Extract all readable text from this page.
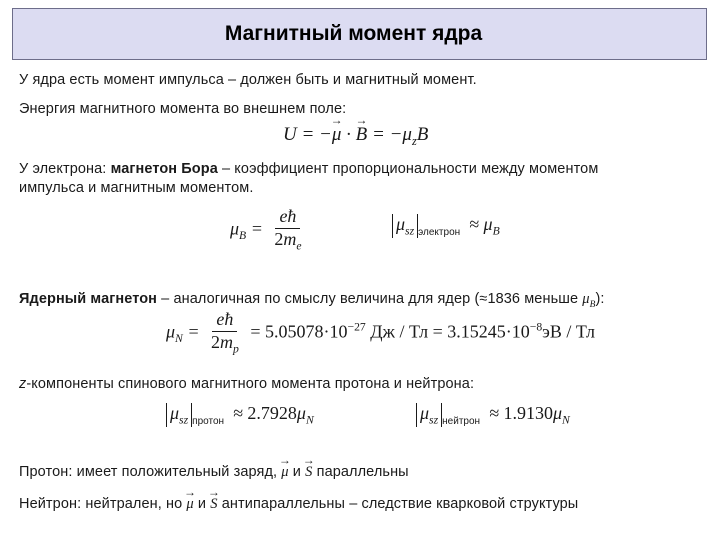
Магнитный момент ядра
У ядра есть момент импульса – должен быть и магнитный момент.
Энергия магнитного момента во внешнем поле:
U = −→ μ · → $B = -\mu_zB$
У электрона: магнетон Бора – коэффициент пропорциональности между моментом
импульса и магнитным моментом.
$\mu_B = \frac{eħ}{2m_e}$	$\mu_{sz}$ $_{электрон} \approx \mu_B$
Ядерный магнетон – аналогичная по смыслу величина для ядер (≈1836 меньше $\mu_B$):
$\mu_N = \frac{eħ}{2m_p} = 5.05078\cdot 10^{-27}$ Дж / Тл = $3.15245\cdot 10^{-8}эВ$ / Тл
z-компоненты спинового магнитного момента протона и нейтрона:
$\mu_{sz}$ $_{протон} \approx 2.7928\mu_N$	$\mu_{sz}$ $_{нейтрон} \approx 1.9130\mu_N$
Протон: имеет положительный заряд, → μ и → S параллельны
Нейтрон: нейтрален, но → μ и → S антипараллельны – следствие кварковой структуры
